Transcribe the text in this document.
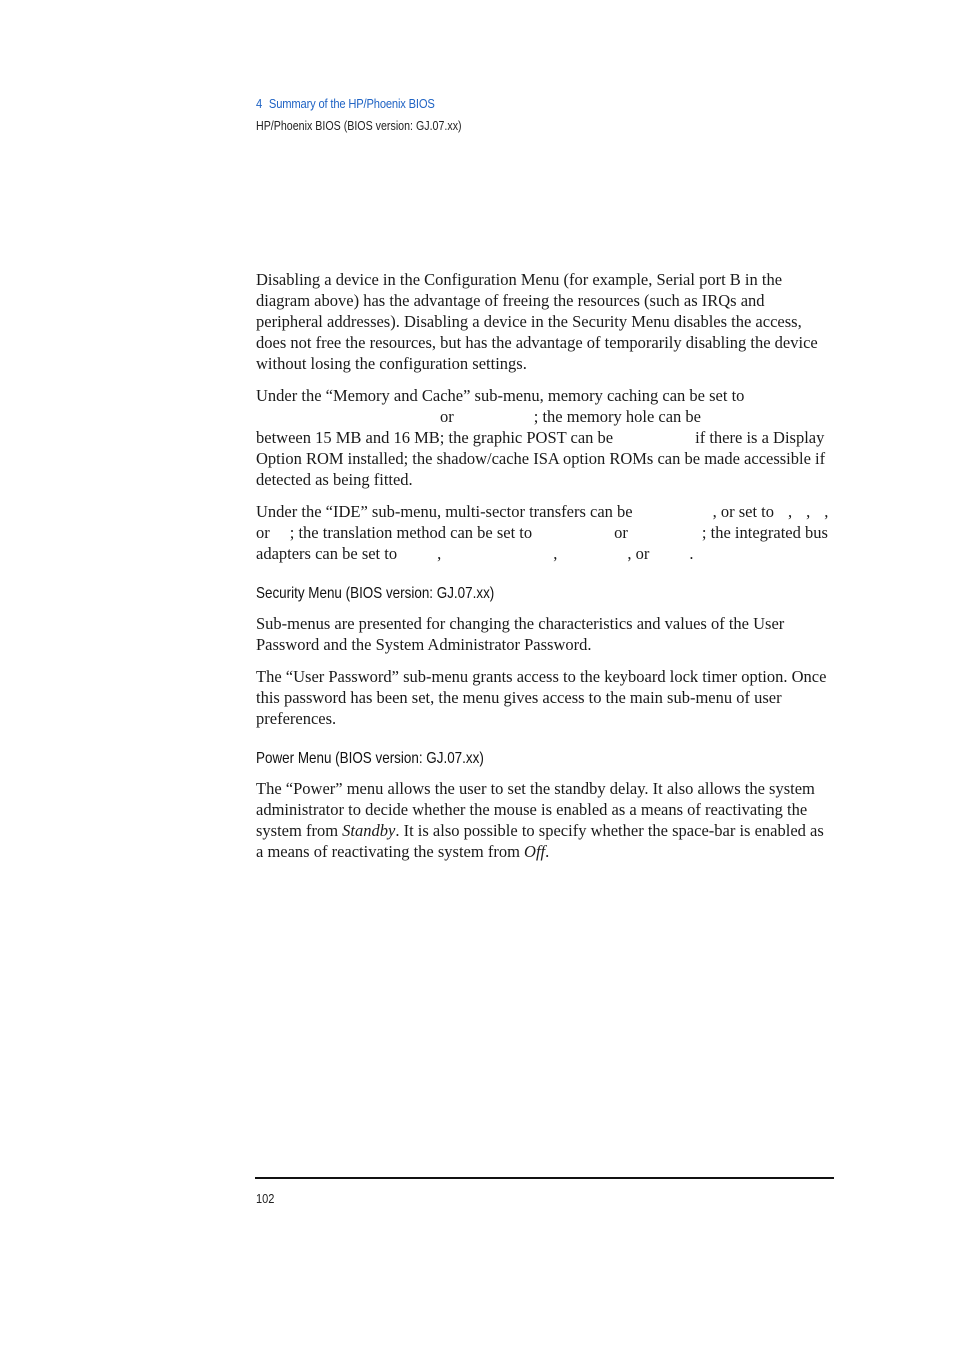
4 Summary of the HP/Phoenix BIOS
HP/Phoenix BIOS (BIOS version: GJ.07.xx)

Disabling a device in the Configuration Menu (for example, Serial port B in the diagram above) has the advantage of freeing the resources (such as IRQs and peripheral addresses). Disabling a device in the Security Menu disables the access, does not free the resources, but has the advantage of temporarily disabling the device without losing the configuration settings.

Under the “Memory and Cache” sub-menu, memory caching can be set to or	; the memory hole can be between 15 MB and 16 MB; the graphic POST can be	if there is a Display Option ROM installed; the shadow/cache ISA option ROMs can be made accessible if detected as being fitted.

Under the “IDE” sub-menu, multi-sector transfers can be	, or set to , , , or ; the translation method can be set to	or	; the integrated bus adapters can be set to ,	,	, or .

Security Menu (BIOS version: GJ.07.xx)

Sub-menus are presented for changing the characteristics and values of the User Password and the System Administrator Password.

The “User Password” sub-menu grants access to the keyboard lock timer option. Once this password has been set, the menu gives access to the main sub-menu of user preferences.

Power Menu (BIOS version: GJ.07.xx)

The “Power” menu allows the user to set the standby delay. It also allows the system administrator to decide whether the mouse is enabled as a means of reactivating the system from Standby. It is also possible to specify whether the space-bar is enabled as a means of reactivating the system from Off.

102
